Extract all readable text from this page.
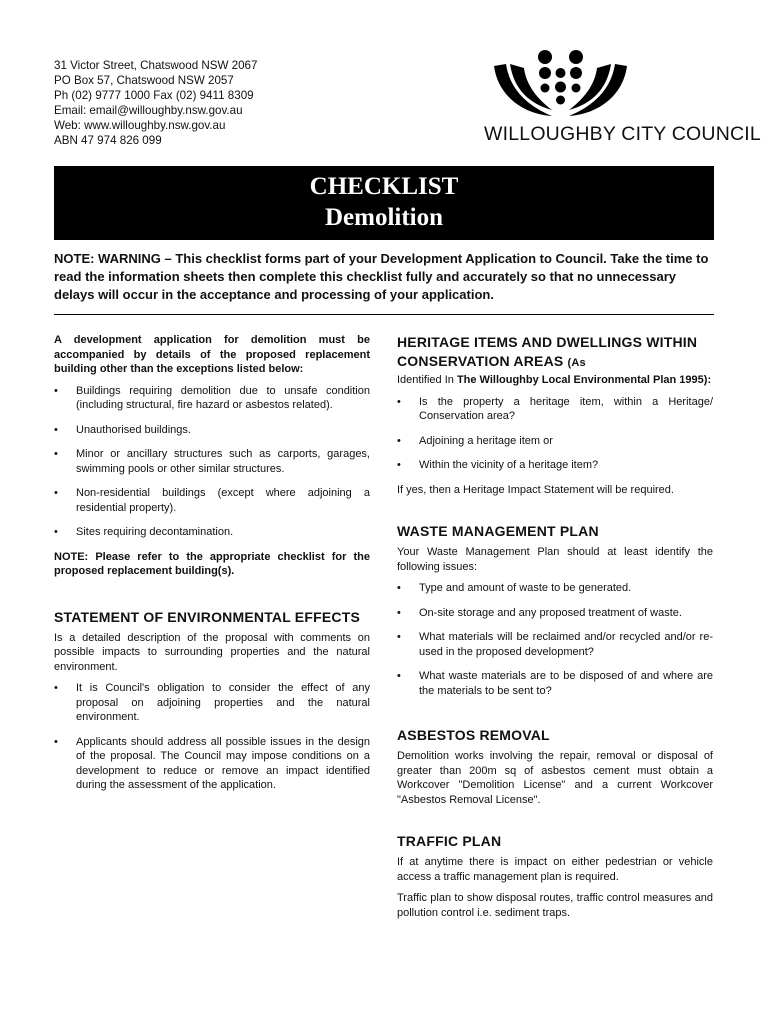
31 Victor Street, Chatswood NSW 2067
PO Box 57, Chatswood NSW 2057
Ph (02) 9777 1000 Fax (02) 9411 8309
Email: email@willoughby.nsw.gov.au
Web: www.willoughby.nsw.gov.au
ABN 47 974 826 099	WILLOUGHBY CITY COUNCIL
CHECKLIST
Demolition
NOTE: WARNING – This checklist forms part of your Development Application to Council. Take the time to read the information sheets then complete this checklist fully and accurately so that no unnecessary delays will occur in the acceptance and processing of your application.

A development application for demolition must be accompanied by details of the proposed replacement building other than the exceptions listed below:

• Buildings requiring demolition due to unsafe condition (including structural, fire hazard or asbestos related).
• Unauthorised buildings.
• Minor or ancillary structures such as carports, garages, swimming pools or other similar structures.
• Non-residential buildings (except where adjoining a residential property).
• Sites requiring decontamination.

NOTE: Please refer to the appropriate checklist for the proposed replacement building(s).

STATEMENT OF ENVIRONMENTAL EFFECTS

Is a detailed description of the proposal with comments on possible impacts to surrounding properties and the natural environment.

• It is Council's obligation to consider the effect of any proposal on adjoining properties and the natural environment.
• Applicants should address all possible issues in the design of the proposal. The Council may impose conditions on a development to reduce or remove an impact identified during the assessment of the application.
HERITAGE ITEMS AND DWELLINGS WITHIN CONSERVATION AREAS (As

Identified In The Willoughby Local Environmental Plan 1995):

• Is the property a heritage item, within a Heritage/ Conservation area?
• Adjoining a heritage item or
• Within the vicinity of a heritage item?

If yes, then a Heritage Impact Statement will be required.

WASTE MANAGEMENT PLAN

Your Waste Management Plan should at least identify the following issues:

• Type and amount of waste to be generated.
• On-site storage and any proposed treatment of waste.
• What materials will be reclaimed and/or recycled and/or re-used in the proposed development?
• What waste materials are to be disposed of and where are the materials to be sent to?
ASBESTOS REMOVAL

Demolition works involving the repair, removal or disposal of greater than 200m sq of asbestos cement must obtain a Workcover "Demolition License" and a current Workcover "Asbestos Removal License".

TRAFFIC PLAN

If at anytime there is impact on either pedestrian or vehicle access a traffic management plan is required.

Traffic plan to show disposal routes, traffic control measures and pollution control i.e. sediment traps.
